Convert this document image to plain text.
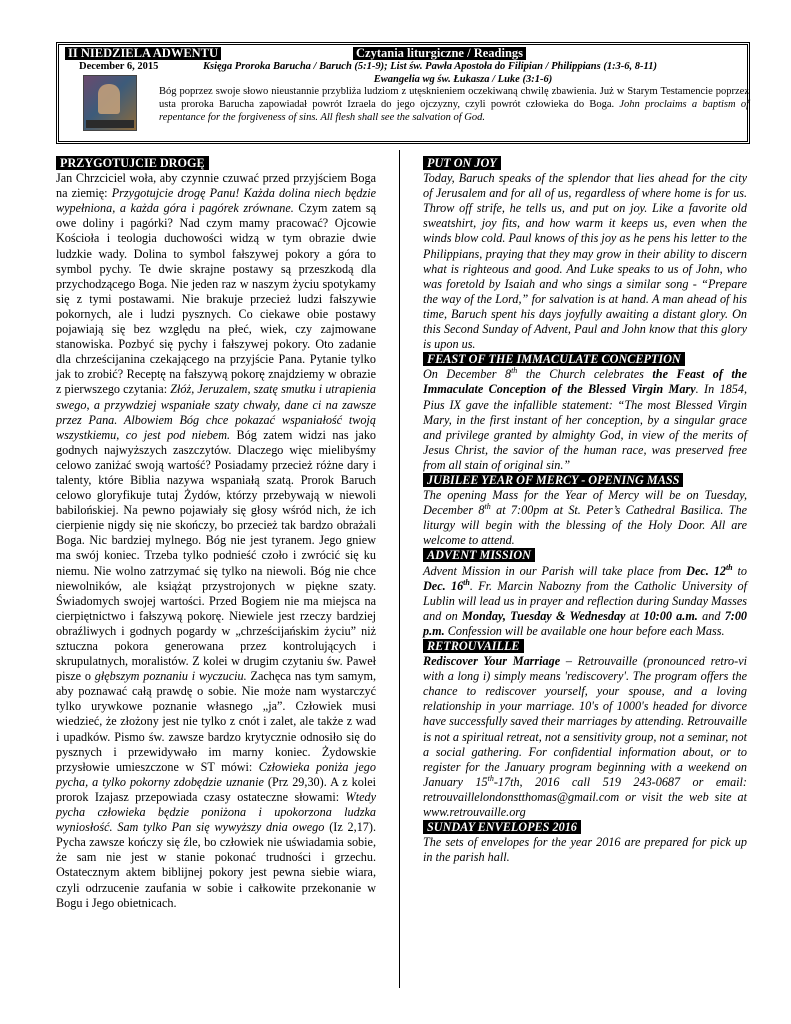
II NIEDZIELA ADWENTU	Czytania liturgiczne / Readings
December 6, 2015	Księga Proroka Barucha / Baruch (5:1-9); List św. Pawła Apostoła do Filipian / Philippians (1:3-6, 8-11)
Ewangelia wg św. Łukasza / Luke (3:1-6)
Bóg poprzez swoje słowo nieustannie przybliża ludziom z utęsknieniem oczekiwaną chwilę zbawienia. Już w Starym Testamencie poprzez usta proroka Barucha zapowiadał powrót Izraela do jego ojczyzny, czyli powrót człowieka do Boga. John proclaims a baptism of repentance for the forgiveness of sins. All flesh shall see the salvation of God.
PRZYGOTUJCIE DROGĘ

Jan Chrzciciel woła, aby czynnie czuwać przed przyjściem Boga na ziemię: Przygotujcie drogę Panu! Każda dolina niech będzie wypełniona, a każda góra i pagórek zrównane. Czym zatem są owe doliny i pagórki? Nad czym mamy pracować? Ojcowie Kościoła i teologia duchowości widzą w tym obrazie dwie ludzkie wady. Dolina to symbol fałszywej pokory a góra to symbol pychy. Te dwie skrajne postawy są przeszkodą dla przychodzącego Boga. Nie jeden raz w naszym życiu spotykamy się z tymi postawami. Nie brakuje przecież ludzi fałszywie pokornych, ale i ludzi pysznych. Co ciekawe obie postawy pojawiają się bez względu na płeć, wiek, czy zajmowane stanowiska. Pozbyć się pychy i fałszywej pokory. Oto zadanie dla chrześcijanina czekającego na przyjście Pana. Pytanie tylko jak to zrobić? Receptę na fałszywą pokorę znajdziemy w obrazie z pierwszego czytania: Złóż, Jeruzalem, szatę smutku i utrapienia swego, a przywdziej wspaniałe szaty chwały, dane ci na zawsze przez Pana. Albowiem Bóg chce pokazać wspaniałość twoją wszystkiemu, co jest pod niebem. Bóg zatem widzi nas jako godnych najwyższych zaszczytów. Dlaczego więc mielibyśmy celowo zaniżać swoją wartość? Posiadamy przecież różne dary i talenty, które Biblia nazywa wspaniałą szatą. Prorok Baruch celowo gloryfikuje tutaj Żydów, którzy przebywają w niewoli babilońskiej. Na pewno pojawiały się głosy wśród nich, że ich cierpienie nigdy się nie skończy, bo przecież tak bardzo obrażali Boga. Nic bardziej mylnego. Bóg nie jest tyranem. Jego gniew ma swój koniec. Trzeba tylko podnieść czoło i zwrócić się ku niemu. Nie wolno zatrzymać się tylko na niewoli. Bóg nie chce niewolników, ale książąt przystrojonych w piękne szaty. Świadomych swojej wartości. Przed Bogiem nie ma miejsca na cierpiętnictwo i fałszywą pokorę. Niewiele jest rzeczy bardziej obraźliwych i godnych pogardy w „chrześcijańskim życiu” niż sztuczna pokora generowana przez kontrolujących i skrupulatnych, moralistów. Z kolei w drugim czytaniu św. Paweł pisze o głębszym poznaniu i wyczuciu. Zachęca nas tym samym, aby poznawać całą prawdę o sobie. Nie może nam wystarczyć tylko urywkowe poznanie własnego „ja”. Człowiek musi wiedzieć, że złożony jest nie tylko z cnót i zalet, ale także z wad i upadków. Pismo św. zawsze bardzo krytycznie odnosiło się do pysznych i przewidywało im marny koniec. Żydowskie przysłowie umieszczone w ST mówi: Człowieka poniża jego pycha, a tylko pokorny zdobędzie uznanie (Prz 29,30). A z kolei prorok Izajasz przepowiada czasy ostateczne słowami: Wtedy pycha człowieka będzie poniżona i upokorzona ludzka wyniosłość. Sam tylko Pan się wywyższy dnia owego (Iz 2,17). Pycha zawsze kończy się źle, bo człowiek nie uświadamia sobie, że sam nie jest w stanie pokonać trudności i grzechu. Ostatecznym aktem biblijnej pokory jest pewna siebie wiara, czyli odrzucenie zaufania w sobie i całkowite przekonanie w Bogu i Jego obietnicach.

PUT ON JOY

Today, Baruch speaks of the splendor that lies ahead for the city of Jerusalem and for all of us, regardless of where home is for us. Throw off strife, he tells us, and put on joy. Like a favorite old sweatshirt, joy fits, and how warm it keeps us, even when the winds blow cold. Paul knows of this joy as he pens his letter to the Philippians, praying that they may grow in their ability to discern what is righteous and good. And Luke speaks to us of John, who was foretold by Isaiah and who sings a similar song - “Prepare the way of the Lord,” for salvation is at hand. A man ahead of his time, Baruch spent his days joyfully awaiting a distant glory. On this Second Sunday of Advent, Paul and John know that this glory is upon us.

FEAST OF THE IMMACULATE CONCEPTION

On December 8th the Church celebrates the Feast of the Immaculate Conception of the Blessed Virgin Mary. In 1854, Pius IX gave the infallible statement: “The most Blessed Virgin Mary, in the first instant of her conception, by a singular grace and privilege granted by almighty God, in view of the merits of Jesus Christ, the savior of the human race, was preserved free from all stain of original sin.”

JUBILEE YEAR OF MERCY - OPENING MASS

The opening Mass for the Year of Mercy will be on Tuesday, December 8th at 7:00pm at St. Peter’s Cathedral Basilica. The liturgy will begin with the blessing of the Holy Door. All are welcome to attend.

ADVENT MISSION

Advent Mission in our Parish will take place from Dec. 12th to Dec. 16th. Fr. Marcin Nabozny from the Catholic University of Lublin will lead us in prayer and reflection during Sunday Masses and on Monday, Tuesday & Wednesday at 10:00 a.m. and 7:00 p.m. Confession will be available one hour before each Mass.

RETROUVAILLE

Rediscover Your Marriage – Retrouvaille (pronounced retro-vi with a long i) simply means 'rediscovery'. The program offers the chance to rediscover yourself, your spouse, and a loving relationship in your marriage. 10's of 1000's headed for divorce have successfully saved their marriages by attending. Retrouvaille is not a spiritual retreat, not a sensitivity group, not a seminar, not a social gathering. For confidential information about, or to register for the January program beginning with a weekend on January 15th-17th, 2016 call 519 243-0687 or email: retrouvaillelondonstthomas@gmail.com or visit the web site at www.retrouvaille.org

SUNDAY ENVELOPES 2016

The sets of envelopes for the year 2016 are prepared for pick up in the parish hall.
